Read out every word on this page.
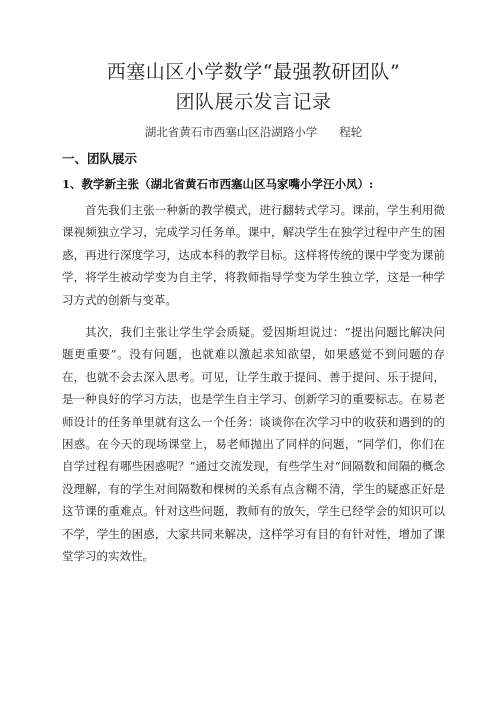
西塞山区小学数学“最强教研团队”
团队展示发言记录

湖北省黄石市西塞山区沿湖路小学 程轮

一、团队展示
1、教学新主张（湖北省黄石市西塞山区马家嘴小学汪小凤）:

首先我们主张一种新的教学模式，进行翻转式学习。课前，学生利用微课视频独立学习，完成学习任务单。课中，解决学生在独学过程中产生的困惑，再进行深度学习，达成本科的教学目标。这样将传统的课中学变为课前学，将学生被动学变为自主学，将教师指导学变为学生独立学，这是一种学习方式的创新与变革。

其次，我们主张让学生学会质疑。爱因斯坦说过：“提出问题比解决问题更重要”。没有问题，也就难以激起求知欲望，如果感觉不到问题的存在，也就不会去深入思考。可见，让学生敢于提问、善于提问、乐于提问，是一种良好的学习方法，也是学生自主学习、创新学习的重要标志。在易老师设计的任务单里就有这么一个任务：谈谈你在次学习中的收获和遇到的的困惑。在今天的现场课堂上，易老师抛出了同样的问题，“同学们，你们在自学过程有哪些困惑呢？”通过交流发现，有些学生对“间隔数和间隔的概念没理解，有的学生对间隔数和棵树的关系有点含糊不清，学生的疑惑正好是这节课的重难点。针对这些问题，教师有的放矢，学生已经学会的知识可以不学，学生的困惑，大家共同来解决，这样学习有目的有针对性，增加了课堂学习的实效性。
